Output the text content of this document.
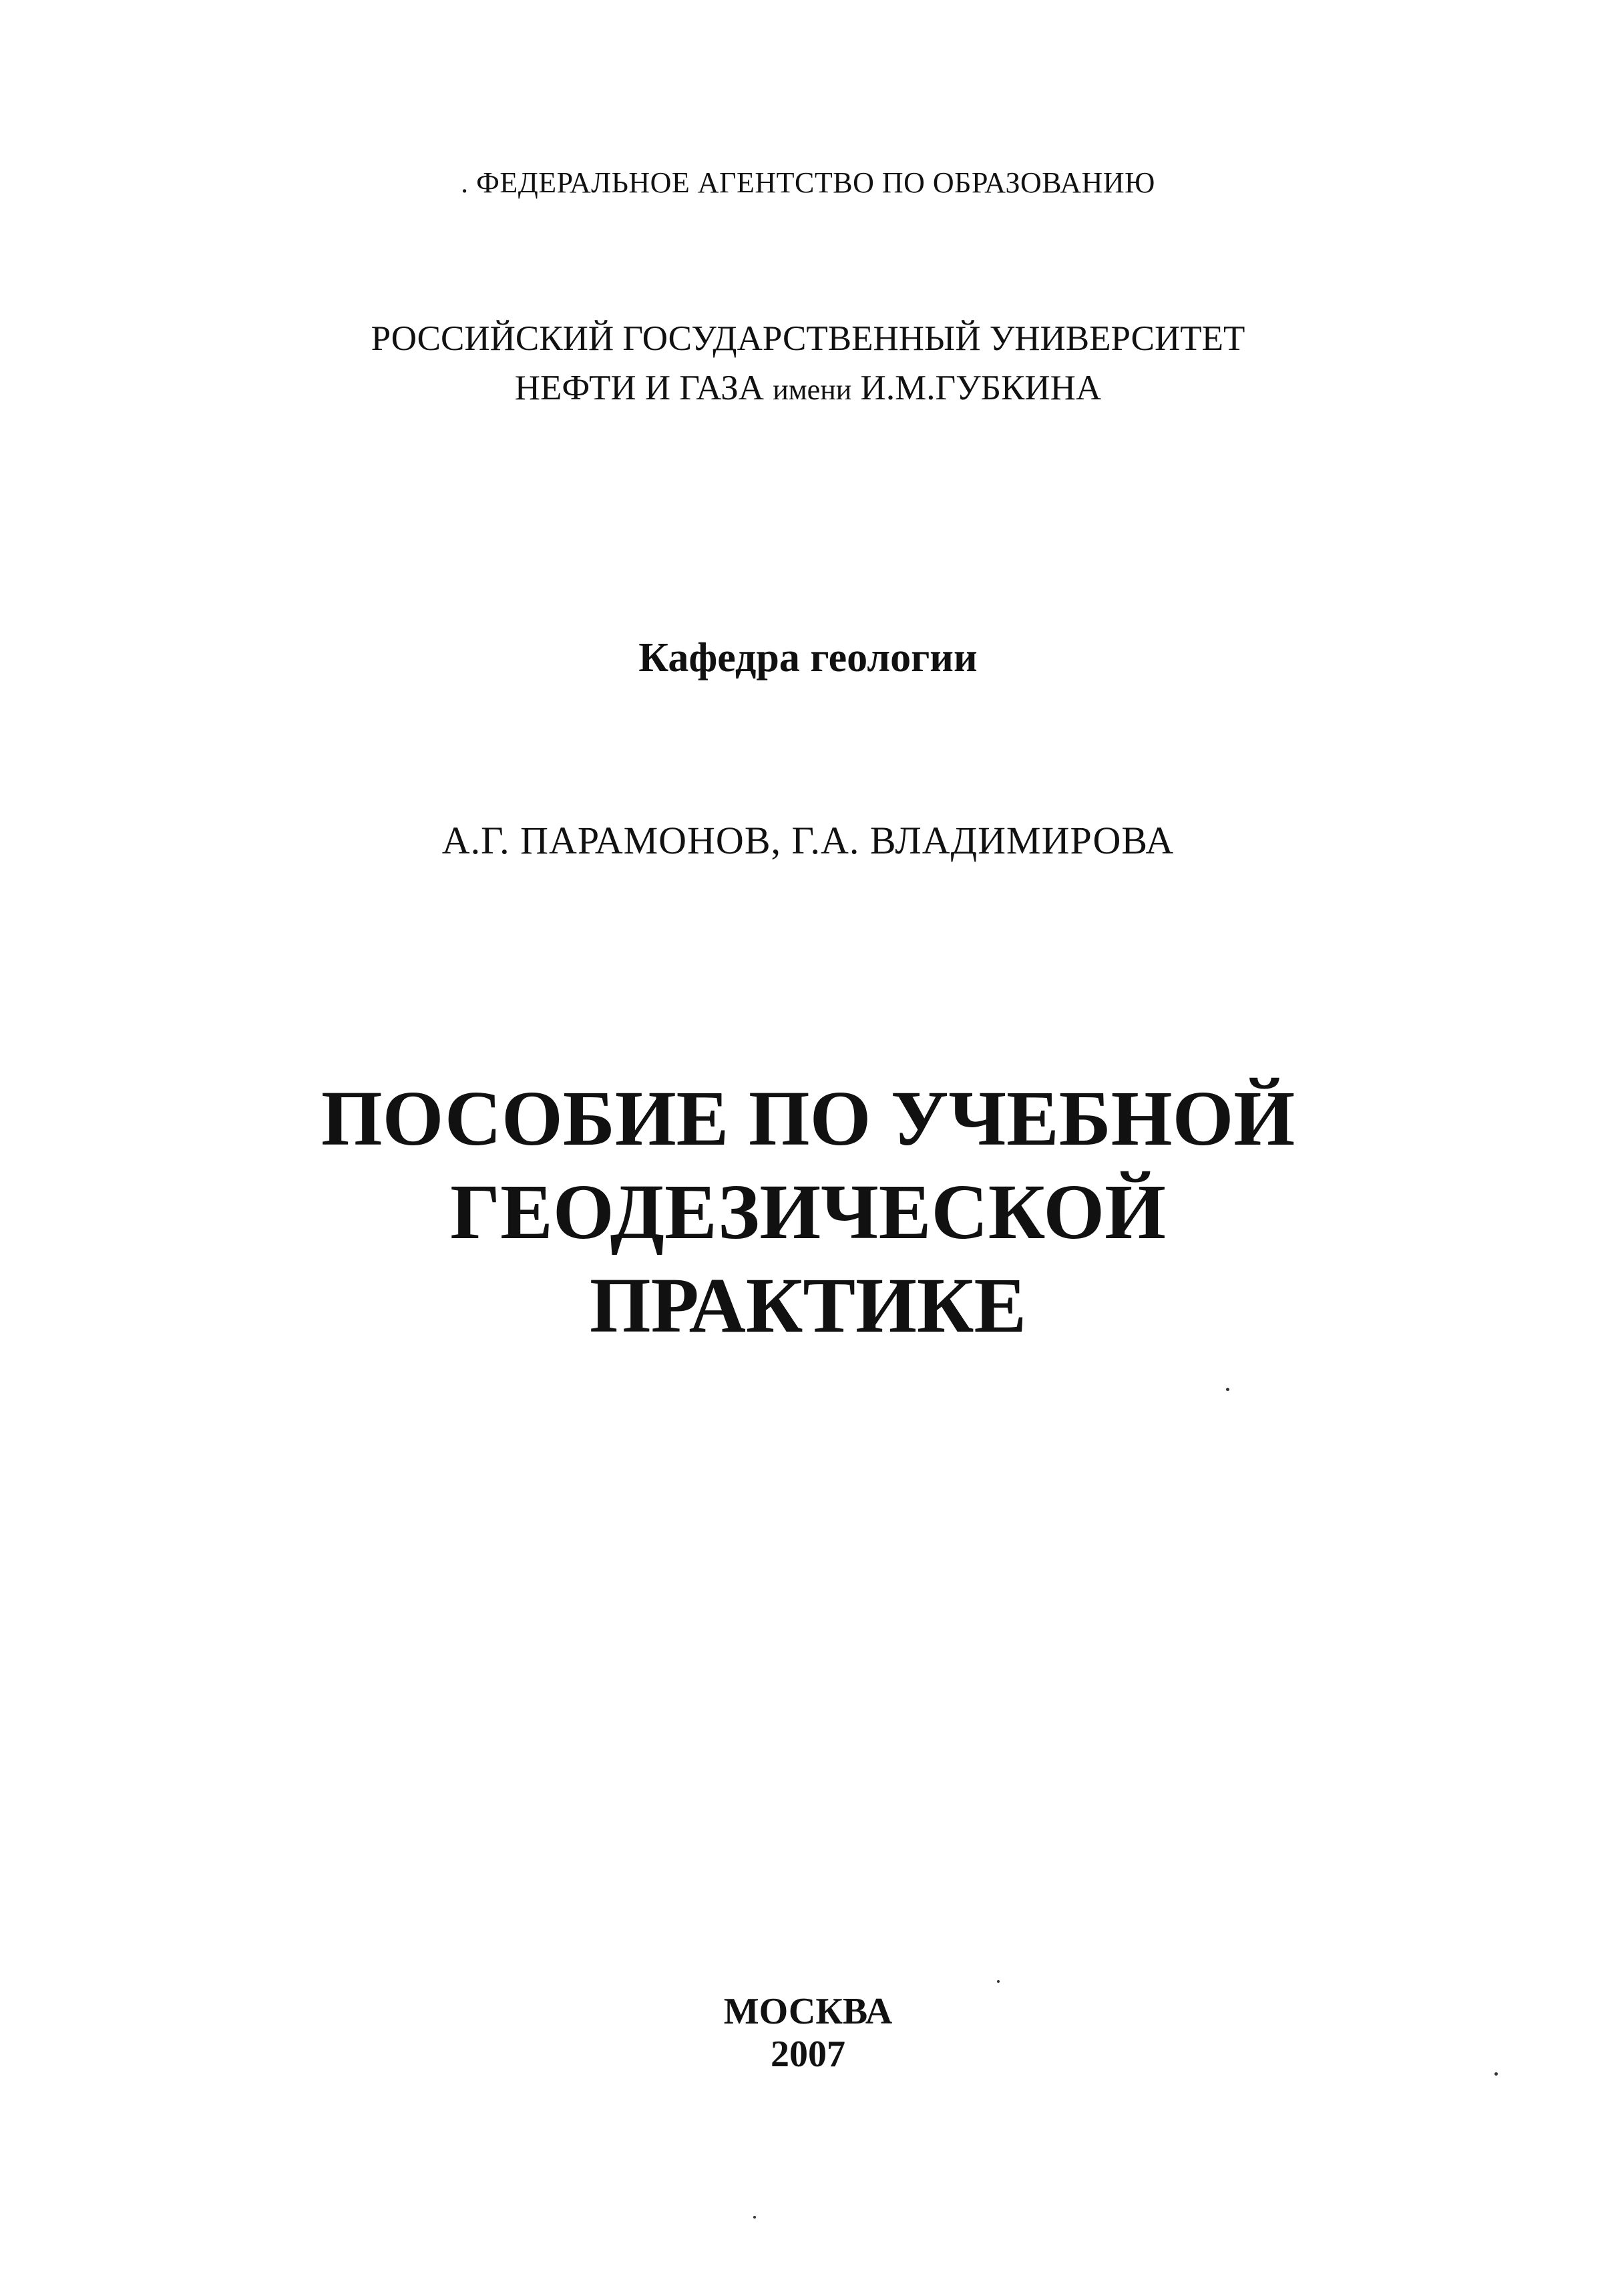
. ФЕДЕРАЛЬНОЕ АГЕНТСТВО ПО ОБРАЗОВАНИЮ
РОССИЙСКИЙ ГОСУДАРСТВЕННЫЙ УНИВЕРСИТЕТ
НЕФТИ И ГАЗА имени И.М.ГУБКИНА
Кафедра геологии
А.Г. ПАРАМОНОВ, Г.А. ВЛАДИМИРОВА
ПОСОБИЕ ПО УЧЕБНОЙ
ГЕОДЕЗИЧЕСКОЙ
ПРАКТИКЕ
МОСКВА
2007
